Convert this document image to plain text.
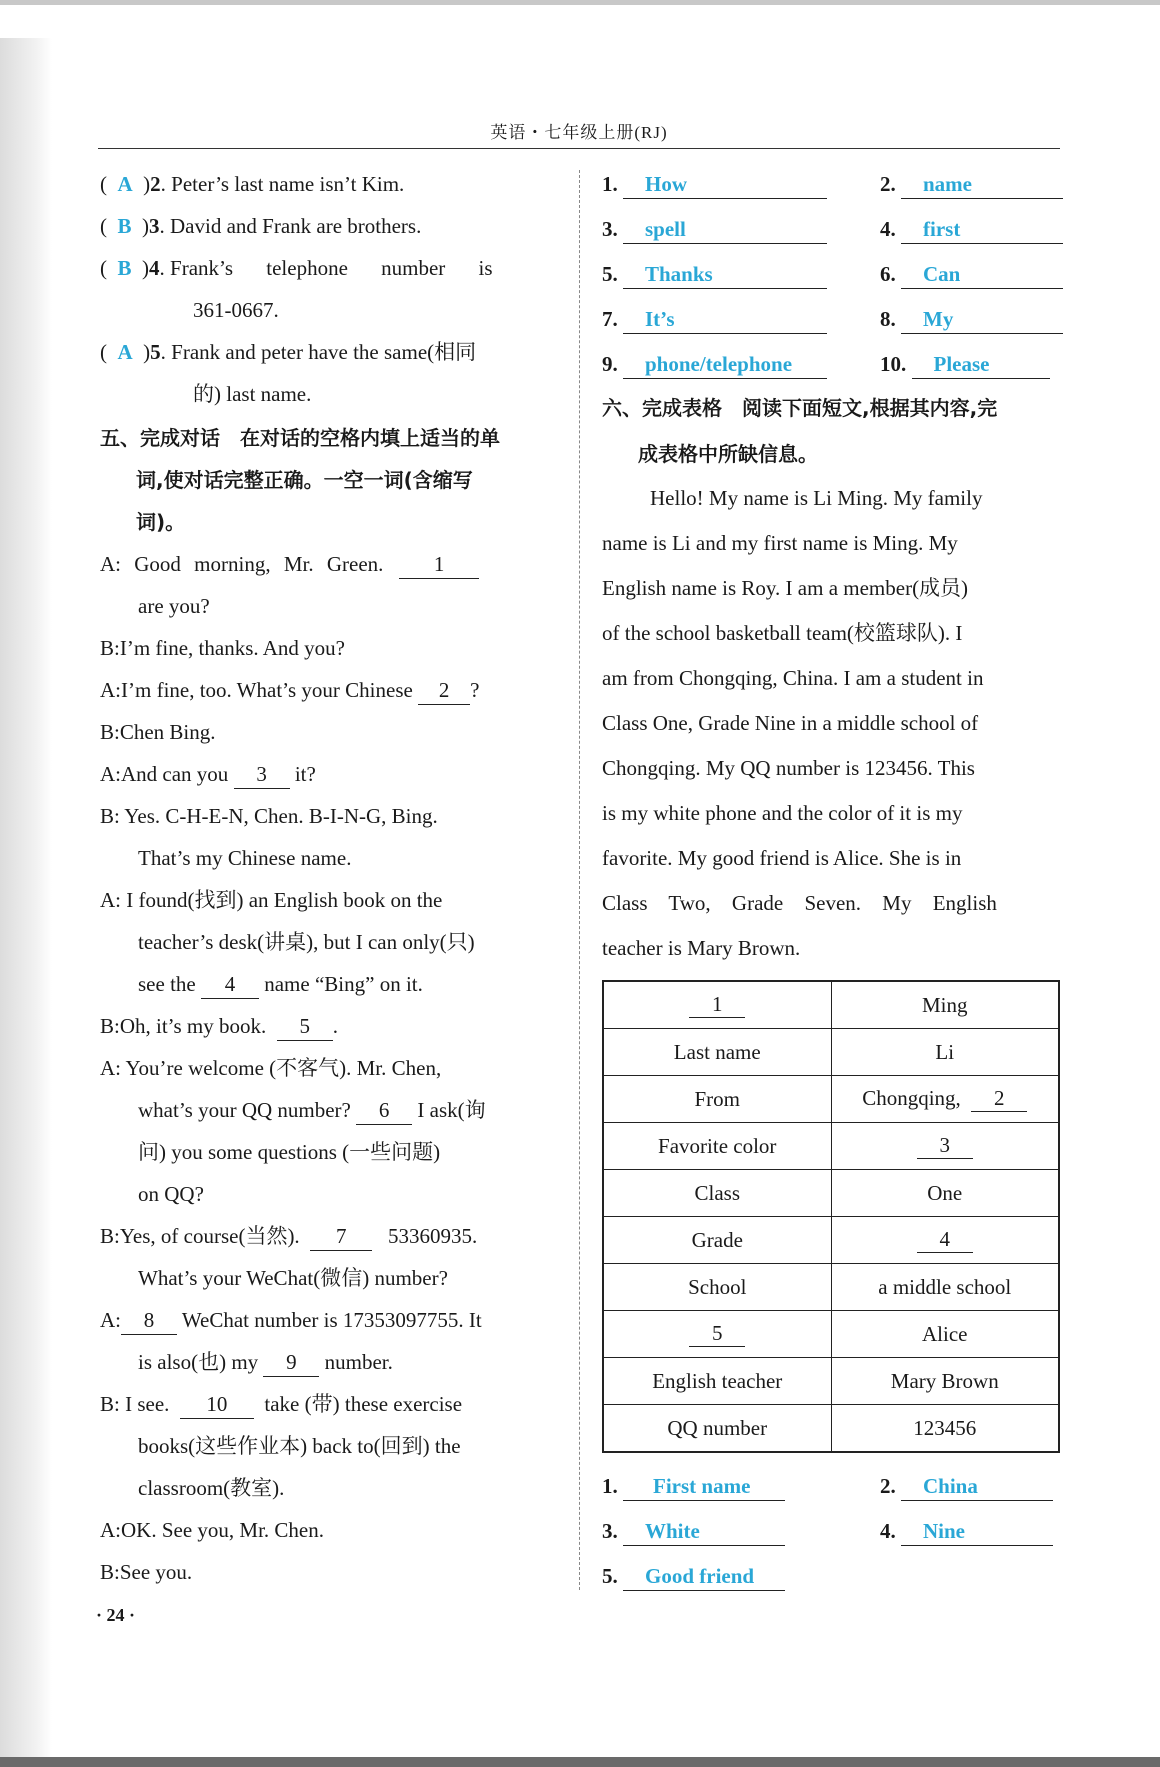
英语・七年级上册(RJ)
(  A  )2. Peter’s last name isn’t Kim.
(  B  )3. David and Frank are brothers.
(  B  )4. Frank’s telephone number is
361-0667.
(  A  )5. Frank and peter have the same(相同
的) last name.
五、完成对话　在对话的空格内填上适当的单
词,使对话完整正确。一空一词(含缩写
词)。
A: Good morning, Mr. Green. 1
are you?
B:I’m fine, thanks. And you?
A:I’m fine, too. What’s your Chinese 2 ?
B:Chen Bing.
A:And can you 3 it?
B: Yes. C-H-E-N, Chen. B-I-N-G, Bing.
That’s my Chinese name.
A: I found(找到) an English book on the
teacher’s desk(讲桌), but I can only(只)
see the 4 name “Bing” on it.
B:Oh, it’s my book. 5 .
A: You’re welcome (不客气). Mr. Chen,
what’s your QQ number? 6 I ask(询
问) you some questions (一些问题)
on QQ?
B:Yes, of course(当然). 7 53360935.
What’s your WeChat(微信) number?
A: 8 WeChat number is 17353097755. It
is also(也) my 9 number.
B: I see. 10 take (带) these exercise
books(这些作业本) back to(回到) the
classroom(教室).
A:OK. See you, Mr. Chen.
B:See you.
· 24 ·
1. How	2. name
3. spell	4. first
5. Thanks	6. Can
7. It’s	8. My
9. phone/telephone	10. Please
六、完成表格　阅读下面短文,根据其内容,完
成表格中所缺信息。
Hello! My name is Li Ming. My family
name is Li and my first name is Ming. My
English name is Roy. I am a member(成员)
of the school basketball team(校篮球队). I
am from Chongqing, China. I am a student in
Class One, Grade Nine in a middle school of
Chongqing. My QQ number is 123456. This
is my white phone and the color of it is my
favorite. My good friend is Alice. She is in
Class Two, Grade Seven. My English
teacher is Mary Brown.
1	Ming
Last name	Li
From	Chongqing, 2
Favorite color	3
Class	One
Grade	4
School	a middle school
5	Alice
English teacher	Mary Brown
QQ number	123456
1. First name	2. China
3. White	4. Nine
5. Good friend
